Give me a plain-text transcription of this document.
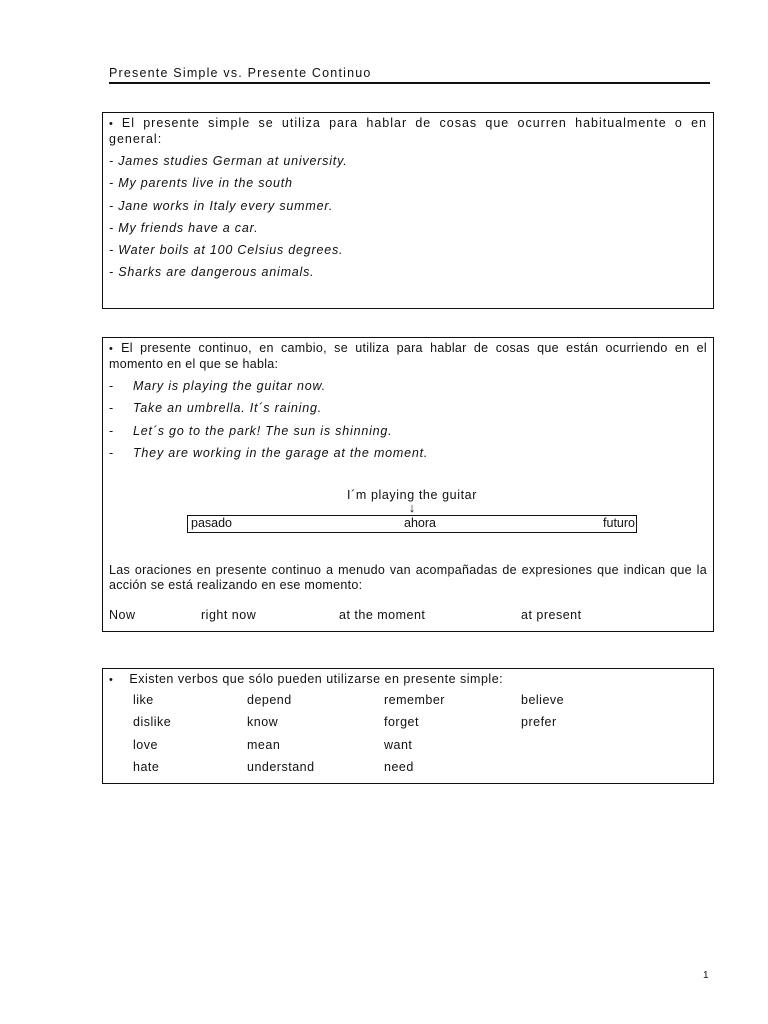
Presente Simple vs. Presente Continuo
• El presente simple se utiliza para hablar de cosas que ocurren habitualmente o en general:
- James studies German at university.
- My parents live in the south
- Jane works in Italy every summer.
- My friends have a car.
- Water boils at 100 Celsius degrees.
- Sharks are dangerous animals.
• El presente continuo, en cambio, se utiliza para hablar de cosas que están ocurriendo en el momento en el que se habla:
- Mary is playing the guitar now.
- Take an umbrella. It´s raining.
- Let´s go to the park! The sun is shinning.
- They are working in the garage at the moment.
I´m playing the guitar
↓
pasado	ahora	futuro
Las oraciones en presente continuo a menudo van acompañadas de expresiones que indican que la acción se está realizando en ese momento:
Now	right now	at the moment	at present
• Existen verbos que sólo pueden utilizarse en presente simple:
like	depend	remember	believe
dislike	know	forget	prefer
love	mean	want
hate	understand	need
1
